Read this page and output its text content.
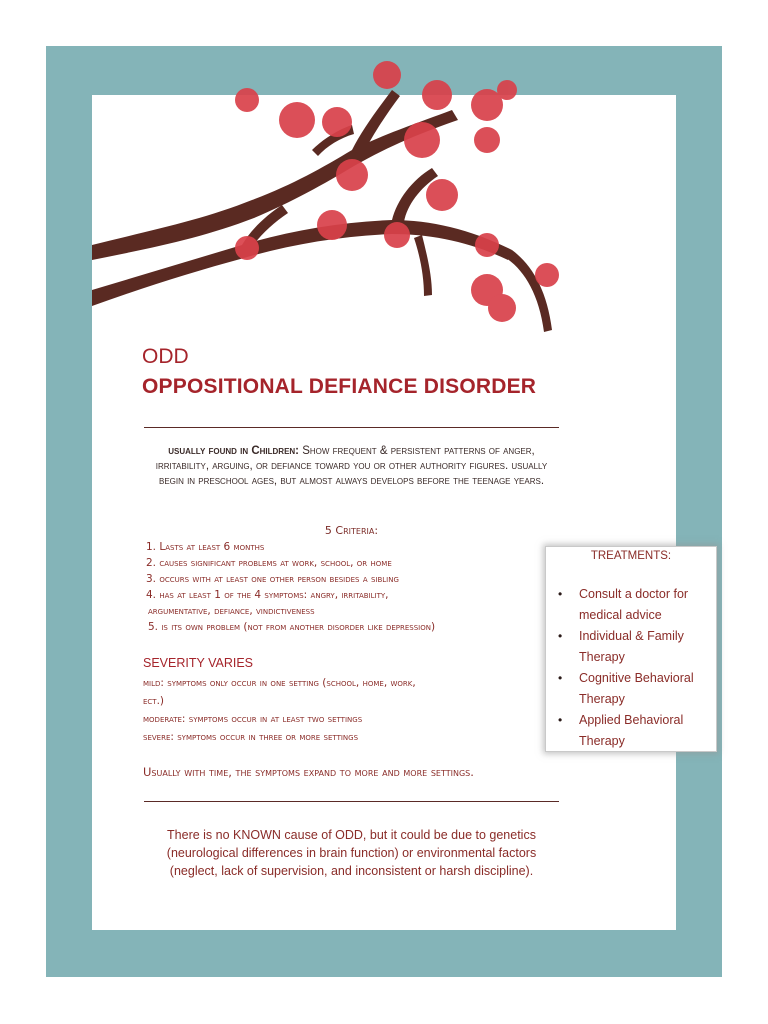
ODD
OPPOSITIONAL DEFIANCE DISORDER
usually found in Children: Show frequent & persistent patterns of anger, irritability, arguing, or defiance toward you or other authority figures. usually begin in preschool ages, but almost always develops before the teenage years.
5 Criteria:
1. Lasts at least 6 months
2. causes significant problems at work, school, or home
3. occurs with at least one other person besides a sibling
4. has at least 1 of the 4 symptoms: angry, irritability,
argumentative, defiance, vindictiveness
5. is its own problem (not from another disorder like depression)
SEVERITY VARIES
mild: symptoms only occur in one setting (school, home, work,
ect.)
moderate: symptoms occur in at least two settings
severe: symptoms occur in three or more settings
Usually with time, the symptoms expand to more and more settings.
There is no KNOWN cause of ODD, but it could be due to genetics (neurological differences in brain function) or environmental factors (neglect, lack of supervision, and inconsistent or harsh discipline).
TREATMENTS:
• Consult a doctor for medical advice
• Individual & Family Therapy
• Cognitive Behavioral Therapy
• Applied Behavioral Therapy
